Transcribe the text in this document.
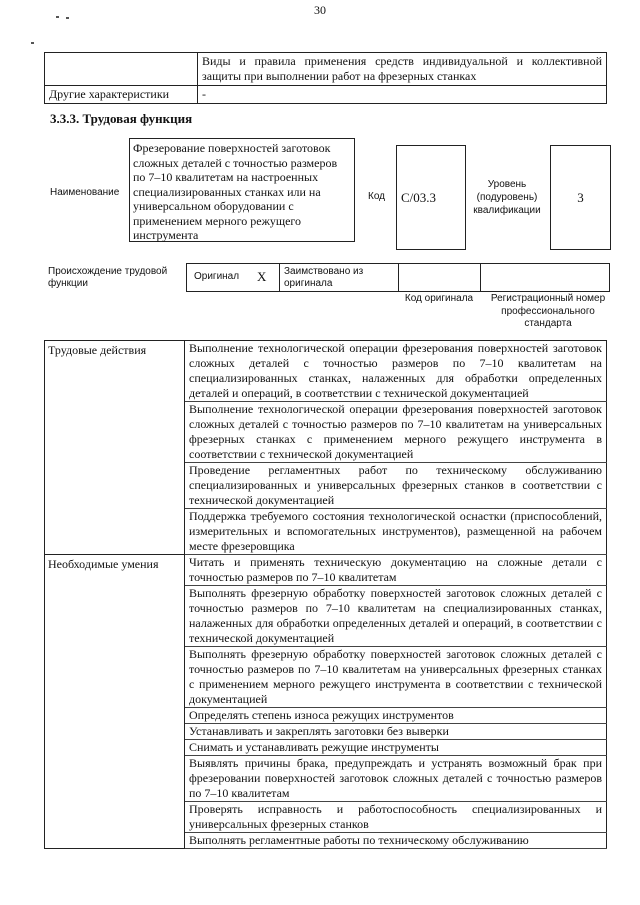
30
	Виды и правила применения средств индивидуальной и коллективной защиты при выполнении работ на фрезерных станках
Другие характеристики	-
3.3.3. Трудовая функция
Наименование
Фрезерование поверхностей заготовок сложных деталей с точностью размеров по 7–10 квалитетам на настроенных специализированных станках или на универсальном оборудовании с применением мерного режущего инструмента
Код С/03.3
Уровень (подуровень) квалификации
3
Происхождение трудовой функции
Оригинал X Заимствовано из оригинала
Код оригинала	Регистрационный номер профессионального стандарта
Трудовые действия	Выполнение технологической операции фрезерования поверхностей заготовок сложных деталей с точностью размеров по 7–10 квалитетам на специализированных станках, налаженных для обработки определенных деталей и операций, в соответствии с технической документацией
	Выполнение технологической операции фрезерования поверхностей заготовок сложных деталей с точностью размеров по 7–10 квалитетам на универсальных фрезерных станках с применением мерного режущего инструмента в соответствии с технической документацией
	Проведение регламентных работ по техническому обслуживанию специализированных и универсальных фрезерных станков в соответствии с технической документацией
	Поддержка требуемого состояния технологической оснастки (приспособлений, измерительных и вспомогательных инструментов), размещенной на рабочем месте фрезеровщика
Необходимые умения	Читать и применять техническую документацию на сложные детали с точностью размеров по 7–10 квалитетам
	Выполнять фрезерную обработку поверхностей заготовок сложных деталей с точностью размеров по 7–10 квалитетам на специализированных станках, налаженных для обработки определенных деталей и операций, в соответствии с технической документацией
	Выполнять фрезерную обработку поверхностей заготовок сложных деталей с точностью размеров по 7–10 квалитетам на универсальных фрезерных станках с применением мерного режущего инструмента в соответствии с технической документацией
	Определять степень износа режущих инструментов
	Устанавливать и закреплять заготовки без выверки
	Снимать и устанавливать режущие инструменты
	Выявлять причины брака, предупреждать и устранять возможный брак при фрезеровании поверхностей заготовок сложных деталей с точностью размеров по 7–10 квалитетам
	Проверять исправность и работоспособность специализированных и универсальных фрезерных станков
	Выполнять регламентные работы по техническому обслуживанию
